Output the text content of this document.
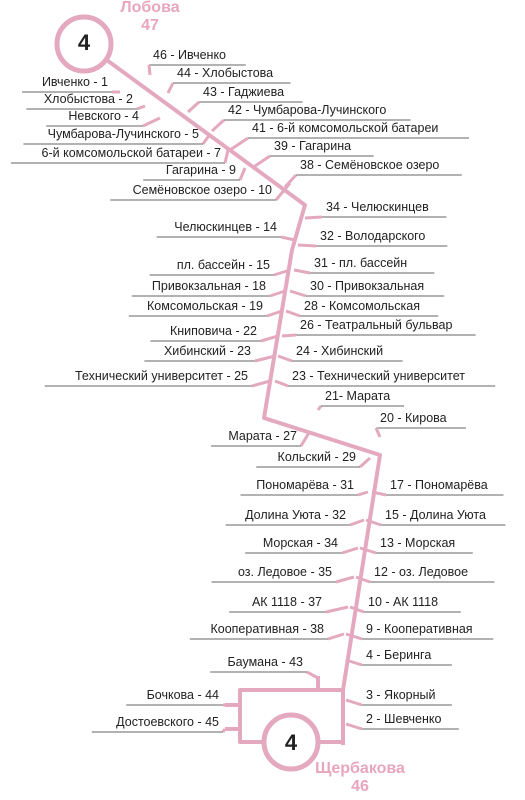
Лобова
47
Щербакова
46
4
4
Ивченко - 1
Хлобыстова - 2
Невского - 4
Чумбарова-Лучинского - 5
6-й комсомольской батареи - 7
Гагарина - 9
Семёновское озеро - 10
Челюскинцев - 14
пл. бассейн - 15
Привокзальная - 18
Комсомольская - 19
Книповича - 22
Хибинский - 23
Технический университет - 25
Марата - 27
Кольский - 29
Пономарёва - 31
Долина Уюта - 32
Морская - 34
оз. Ледовое - 35
АК 1118 - 37
Кооперативная - 38
Баумана - 43
Бочкова - 44
Достоевского - 45
46 - Ивченко
44 - Хлобыстова
43 - Гаджиева
42 - Чумбарова-Лучинского
41 - 6-й комсомольской батареи
39 - Гагарина
38 - Семёновское озеро
34 - Челюскинцев
32 - Володарского
31 - пл. бассейн
30 - Привокзальная
28 - Комсомольская
26 - Театральный бульвар
24 - Хибинский
23 - Технический университет
21- Марата
20 - Кирова
17 - Пономарёва
15 - Долина Уюта
13 - Морская
12 - оз. Ледовое
10 - АК 1118
9 - Кооперативная
4 - Беринга
3 - Якорный
2 - Шевченко
